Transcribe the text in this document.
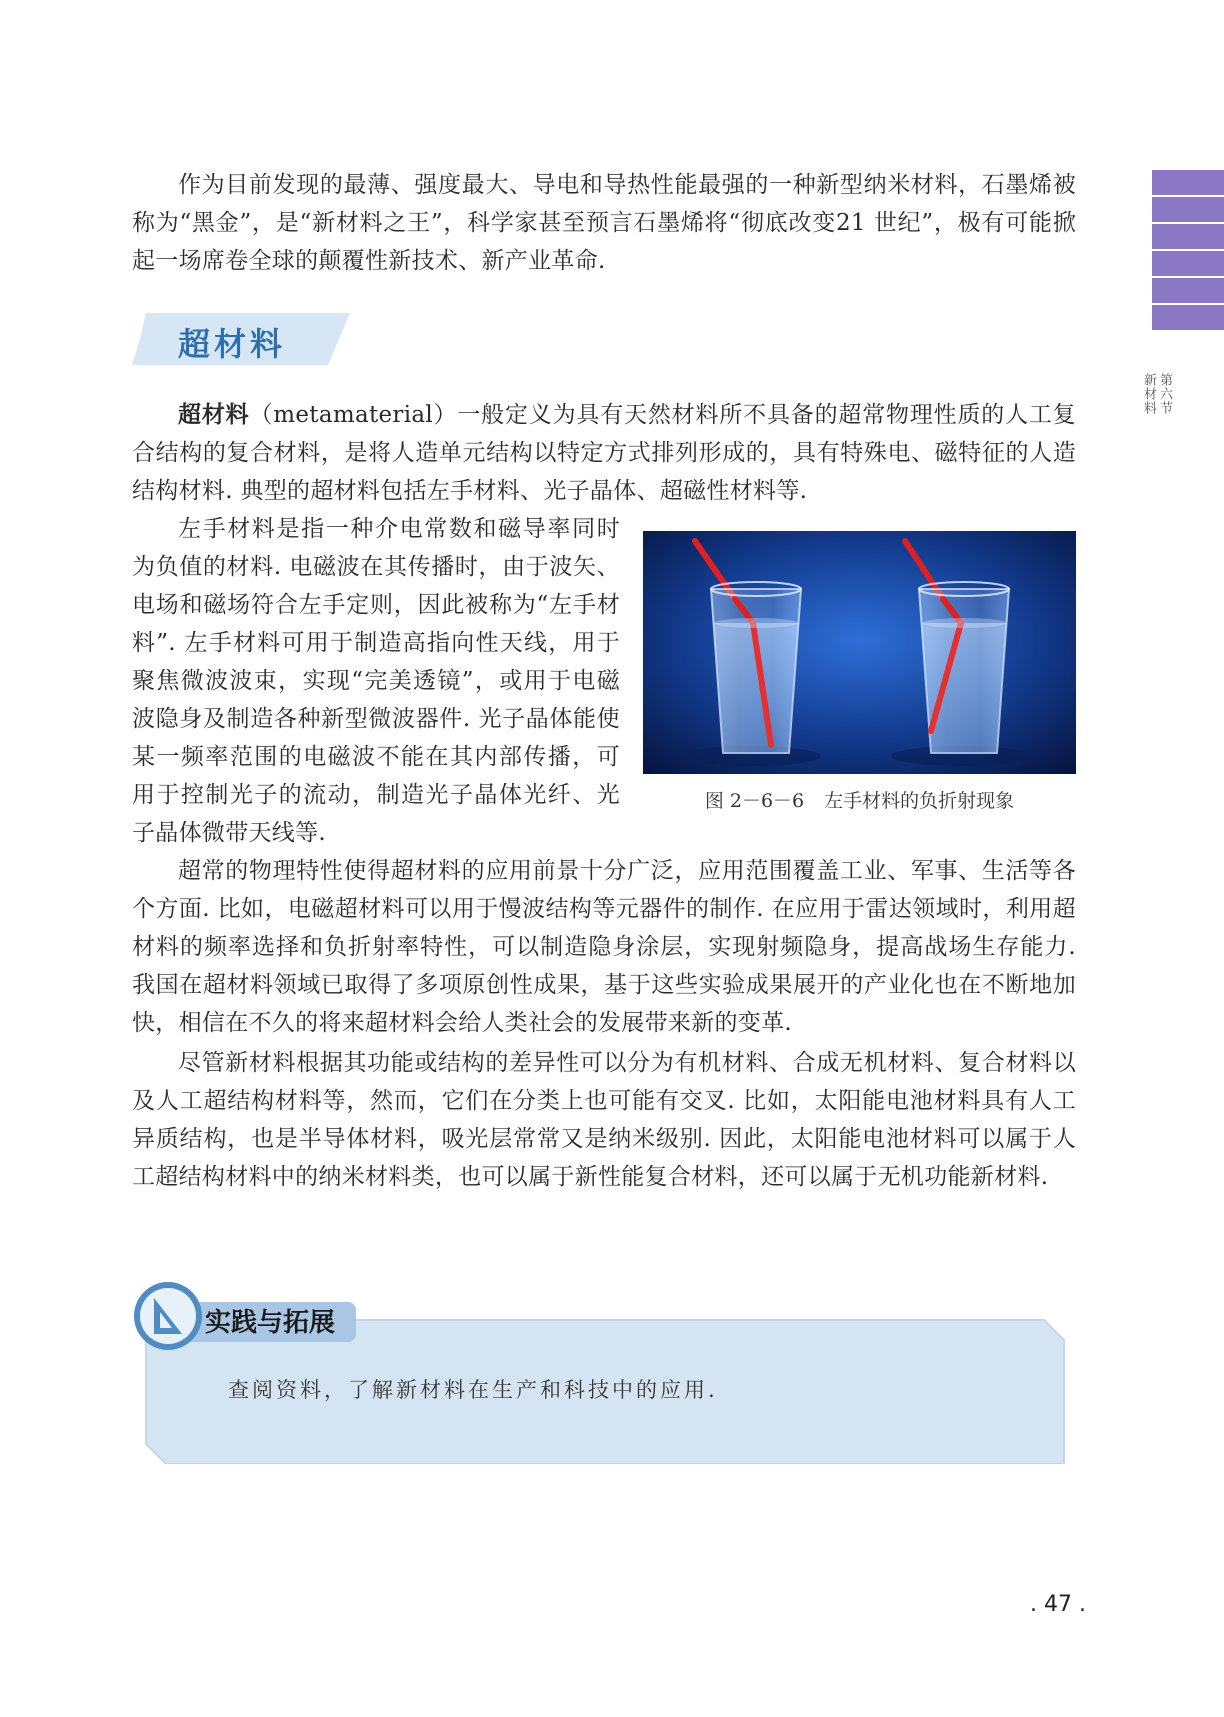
第六节
新材料

作为目前发现的最薄、强度最大、导电和导热性能最强的一种新型纳米材料，石墨烯被称为“黑金”，是“新材料之王”，科学家甚至预言石墨烯将“彻底改变21 世纪”，极有可能掀起一场席卷全球的颠覆性新技术、新产业革命.

超材料

超材料（metamaterial）一般定义为具有天然材料所不具备的超常物理性质的人工复合结构的复合材料，是将人造单元结构以特定方式排列形成的，具有特殊电、磁特征的人造结构材料. 典型的超材料包括左手材料、光子晶体、超磁性材料等.

左手材料是指一种介电常数和磁导率同时为负值的材料. 电磁波在其传播时，由于波矢、电场和磁场符合左手定则，因此被称为“左手材料”. 左手材料可用于制造高指向性天线，用于聚焦微波波束，实现“完美透镜”，或用于电磁波隐身及制造各种新型微波器件. 光子晶体能使某一频率范围的电磁波不能在其内部传播，可用于控制光子的流动，制造光子晶体光纤、光子晶体微带天线等.

图 2－6－6 左手材料的负折射现象

超常的物理特性使得超材料的应用前景十分广泛，应用范围覆盖工业、军事、生活等各个方面. 比如，电磁超材料可以用于慢波结构等元器件的制作. 在应用于雷达领域时，利用超材料的频率选择和负折射率特性，可以制造隐身涂层，实现射频隐身，提高战场生存能力. 我国在超材料领域已取得了多项原创性成果，基于这些实验成果展开的产业化也在不断地加快，相信在不久的将来超材料会给人类社会的发展带来新的变革.

尽管新材料根据其功能或结构的差异性可以分为有机材料、合成无机材料、复合材料以及人工超结构材料等，然而，它们在分类上也可能有交叉. 比如，太阳能电池材料具有人工异质结构，也是半导体材料，吸光层常常又是纳米级别. 因此，太阳能电池材料可以属于人工超结构材料中的纳米材料类，也可以属于新性能复合材料，还可以属于无机功能新材料.

实践与拓展
查阅资料，了解新材料在生产和科技中的应用.
. 47 .
